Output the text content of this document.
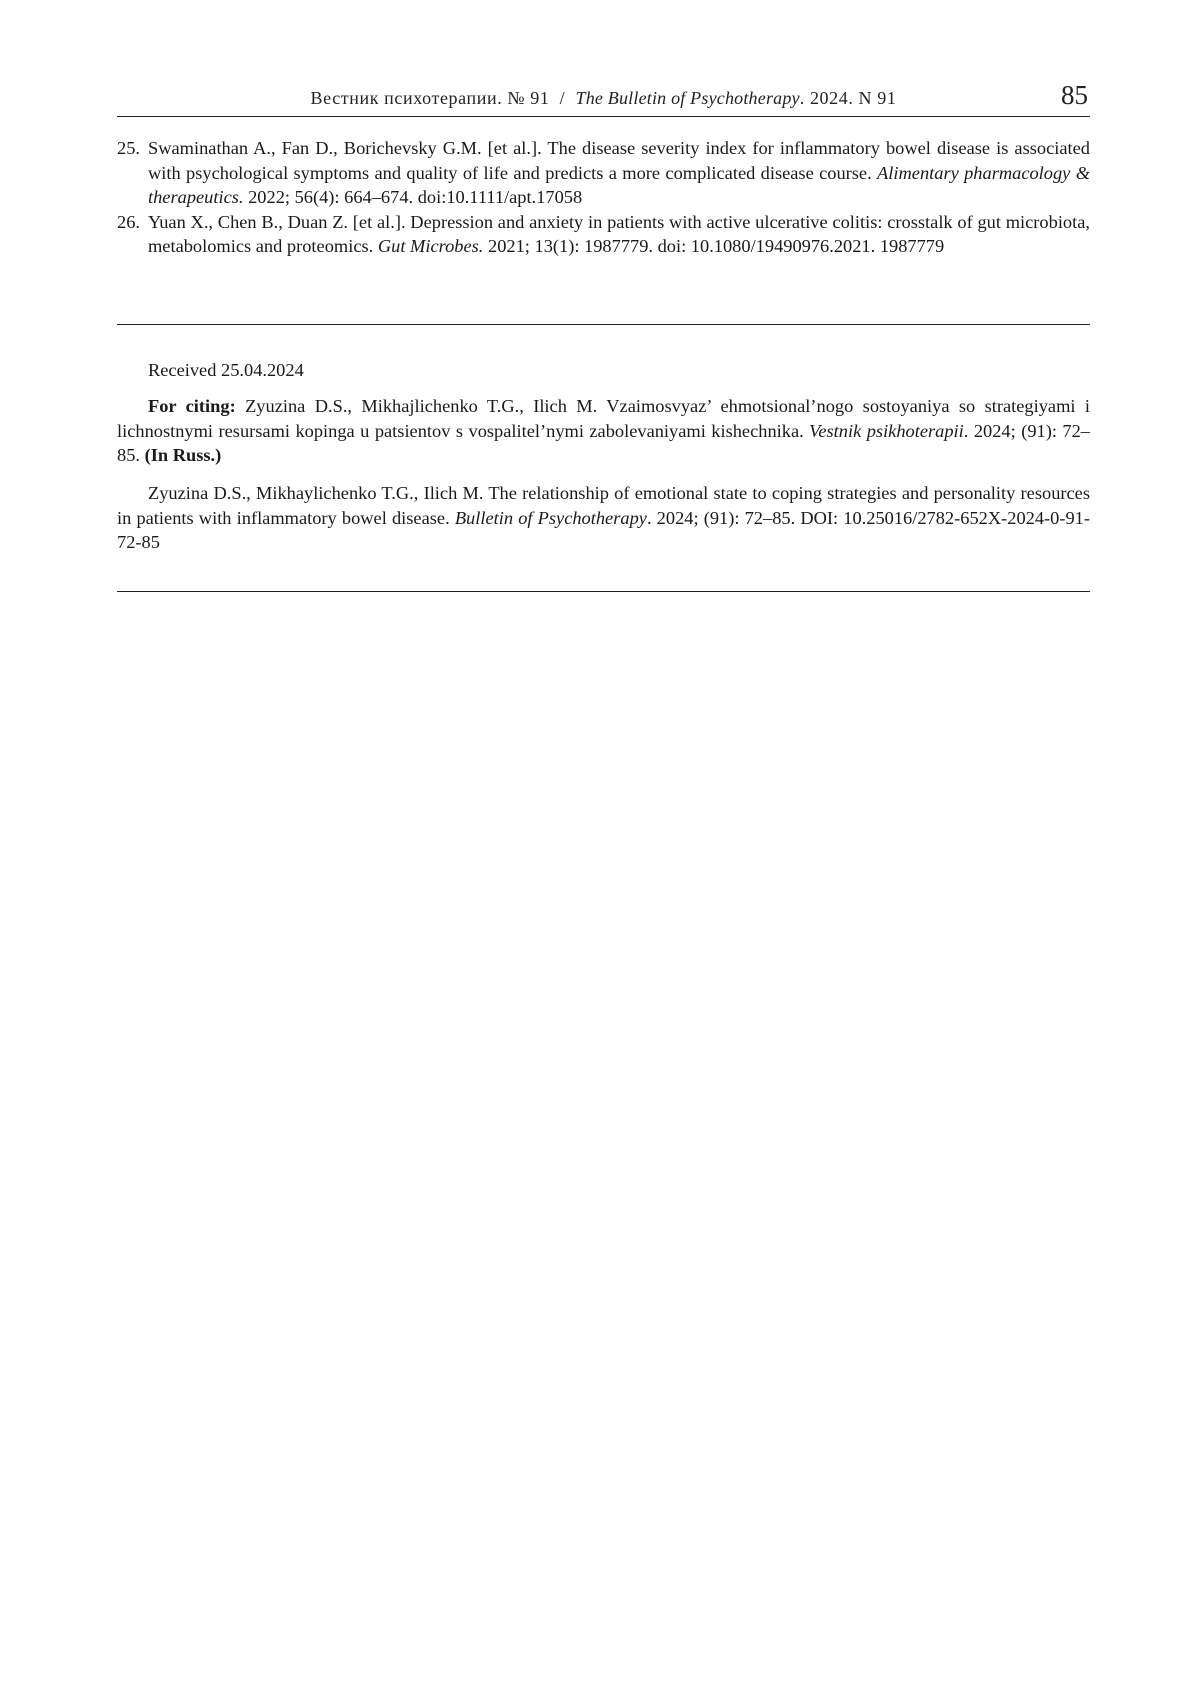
Вестник психотерапии. № 91 / The Bulletin of Psychotherapy. 2024. N 91	85
25. Swaminathan A., Fan D., Borichevsky G.M. [et al.]. The disease severity index for inflammatory bowel disease is associated with psychological symptoms and quality of life and predicts a more complicated disease course. Alimentary pharmacology & therapeutics. 2022; 56(4): 664–674. doi:10.1111/apt.17058
26. Yuan X., Chen B., Duan Z. [et al.]. Depression and anxiety in patients with active ulcerative colitis: crosstalk of gut microbiota, metabolomics and proteomics. Gut Microbes. 2021; 13(1): 1987779. doi: 10.1080/19490976.2021. 1987779
Received 25.04.2024
For citing: Zyuzina D.S., Mikhajlichenko T.G., Ilich M. Vzaimosvyaz’ ehmotsional’nogo sostoyaniya so strategiyami i lichnostnymi resursami kopinga u patsientov s vospalitel’nymi zabolevaniyami kishechnika. Vestnik psikhoterapii. 2024; (91): 72–85. (In Russ.)
Zyuzina D.S., Mikhaylichenko T.G., Ilich M. The relationship of emotional state to coping strategies and personality resources in patients with inflammatory bowel disease. Bulletin of Psychotherapy. 2024; (91): 72–85. DOI: 10.25016/2782-652X-2024-0-91-72-85
